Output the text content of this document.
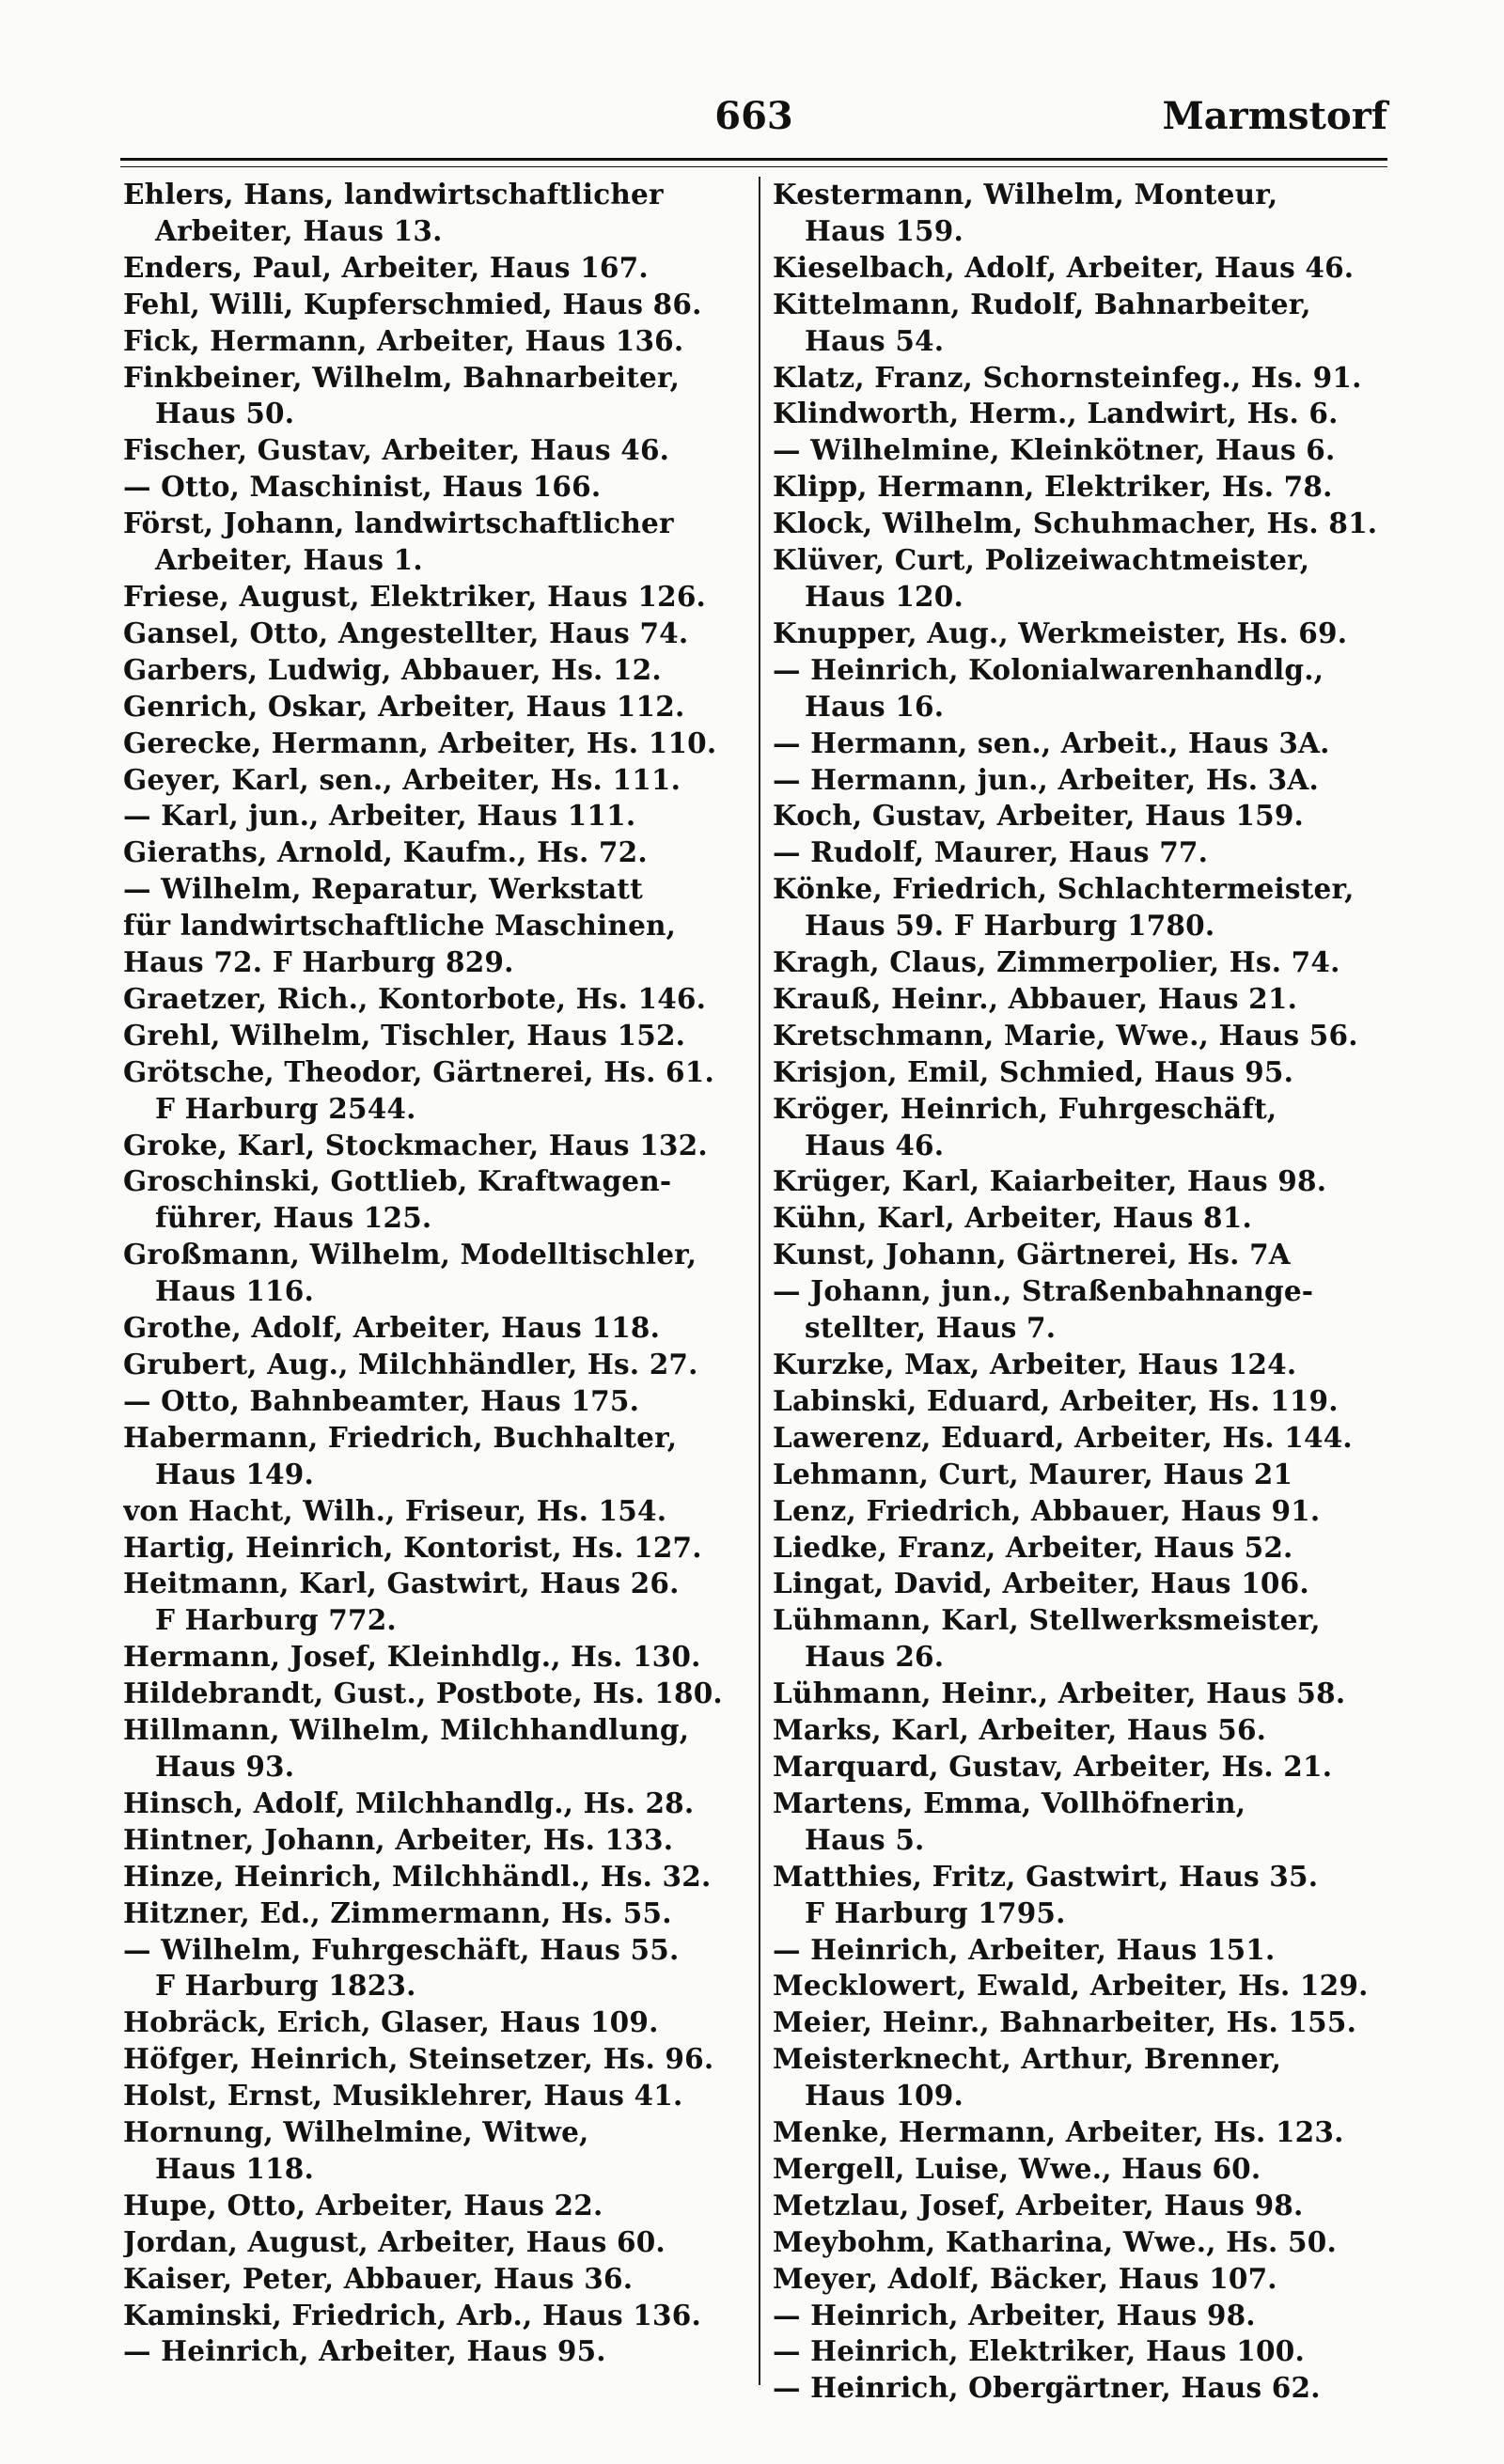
663	Marmstorf
Ehlers, Hans, landwirtschaftlicher
Arbeiter, Haus 13.
Enders, Paul, Arbeiter, Haus 167.
Fehl, Willi, Kupferschmied, Haus 86.
Fick, Hermann, Arbeiter, Haus 136.
Finkbeiner, Wilhelm, Bahnarbeiter,
Haus 50.
Fischer, Gustav, Arbeiter, Haus 46.
— Otto, Maschinist, Haus 166.
Först, Johann, landwirtschaftlicher
Arbeiter, Haus 1.
Friese, August, Elektriker, Haus 126.
Gansel, Otto, Angestellter, Haus 74.
Garbers, Ludwig, Abbauer, Hs. 12.
Genrich, Oskar, Arbeiter, Haus 112.
Gerecke, Hermann, Arbeiter, Hs. 110.
Geyer, Karl, sen., Arbeiter, Hs. 111.
— Karl, jun., Arbeiter, Haus 111.
Gieraths, Arnold, Kaufm., Hs. 72.
— Wilhelm, Reparatur, Werkstatt
für landwirtschaftliche Maschinen,
Haus 72. F Harburg 829.
Graetzer, Rich., Kontorbote, Hs. 146.
Grehl, Wilhelm, Tischler, Haus 152.
Grötsche, Theodor, Gärtnerei, Hs. 61.
F Harburg 2544.
Groke, Karl, Stockmacher, Haus 132.
Groschinski, Gottlieb, Kraftwagen-
führer, Haus 125.
Großmann, Wilhelm, Modelltischler,
Haus 116.
Grothe, Adolf, Arbeiter, Haus 118.
Grubert, Aug., Milchhändler, Hs. 27.
— Otto, Bahnbeamter, Haus 175.
Habermann, Friedrich, Buchhalter,
Haus 149.
von Hacht, Wilh., Friseur, Hs. 154.
Hartig, Heinrich, Kontorist, Hs. 127.
Heitmann, Karl, Gastwirt, Haus 26.
F Harburg 772.
Hermann, Josef, Kleinhdlg., Hs. 130.
Hildebrandt, Gust., Postbote, Hs. 180.
Hillmann, Wilhelm, Milchhandlung,
Haus 93.
Hinsch, Adolf, Milchhandlg., Hs. 28.
Hintner, Johann, Arbeiter, Hs. 133.
Hinze, Heinrich, Milchhändl., Hs. 32.
Hitzner, Ed., Zimmermann, Hs. 55.
— Wilhelm, Fuhrgeschäft, Haus 55.
F Harburg 1823.
Hobräck, Erich, Glaser, Haus 109.
Höfger, Heinrich, Steinsetzer, Hs. 96.
Holst, Ernst, Musiklehrer, Haus 41.
Hornung, Wilhelmine, Witwe,
Haus 118.
Hupe, Otto, Arbeiter, Haus 22.
Jordan, August, Arbeiter, Haus 60.
Kaiser, Peter, Abbauer, Haus 36.
Kaminski, Friedrich, Arb., Haus 136.
— Heinrich, Arbeiter, Haus 95.
Kestermann, Wilhelm, Monteur,
Haus 159.
Kieselbach, Adolf, Arbeiter, Haus 46.
Kittelmann, Rudolf, Bahnarbeiter,
Haus 54.
Klatz, Franz, Schornsteinfeg., Hs. 91.
Klindworth, Herm., Landwirt, Hs. 6.
— Wilhelmine, Kleinkötner, Haus 6.
Klipp, Hermann, Elektriker, Hs. 78.
Klock, Wilhelm, Schuhmacher, Hs. 81.
Klüver, Curt, Polizeiwachtmeister,
Haus 120.
Knupper, Aug., Werkmeister, Hs. 69.
— Heinrich, Kolonialwarenhandlg.,
Haus 16.
— Hermann, sen., Arbeit., Haus 3A.
— Hermann, jun., Arbeiter, Hs. 3A.
Koch, Gustav, Arbeiter, Haus 159.
— Rudolf, Maurer, Haus 77.
Könke, Friedrich, Schlachtermeister,
Haus 59. F Harburg 1780.
Kragh, Claus, Zimmerpolier, Hs. 74.
Krauß, Heinr., Abbauer, Haus 21.
Kretschmann, Marie, Wwe., Haus 56.
Krisjon, Emil, Schmied, Haus 95.
Kröger, Heinrich, Fuhrgeschäft,
Haus 46.
Krüger, Karl, Kaiarbeiter, Haus 98.
Kühn, Karl, Arbeiter, Haus 81.
Kunst, Johann, Gärtnerei, Hs. 7A
— Johann, jun., Straßenbahnange-
stellter, Haus 7.
Kurzke, Max, Arbeiter, Haus 124.
Labinski, Eduard, Arbeiter, Hs. 119.
Lawerenz, Eduard, Arbeiter, Hs. 144.
Lehmann, Curt, Maurer, Haus 21
Lenz, Friedrich, Abbauer, Haus 91.
Liedke, Franz, Arbeiter, Haus 52.
Lingat, David, Arbeiter, Haus 106.
Lühmann, Karl, Stellwerksmeister,
Haus 26.
Lühmann, Heinr., Arbeiter, Haus 58.
Marks, Karl, Arbeiter, Haus 56.
Marquard, Gustav, Arbeiter, Hs. 21.
Martens, Emma, Vollhöfnerin,
Haus 5.
Matthies, Fritz, Gastwirt, Haus 35.
F Harburg 1795.
— Heinrich, Arbeiter, Haus 151.
Mecklowert, Ewald, Arbeiter, Hs. 129.
Meier, Heinr., Bahnarbeiter, Hs. 155.
Meisterknecht, Arthur, Brenner,
Haus 109.
Menke, Hermann, Arbeiter, Hs. 123.
Mergell, Luise, Wwe., Haus 60.
Metzlau, Josef, Arbeiter, Haus 98.
Meybohm, Katharina, Wwe., Hs. 50.
Meyer, Adolf, Bäcker, Haus 107.
— Heinrich, Arbeiter, Haus 98.
— Heinrich, Elektriker, Haus 100.
— Heinrich, Obergärtner, Haus 62.
